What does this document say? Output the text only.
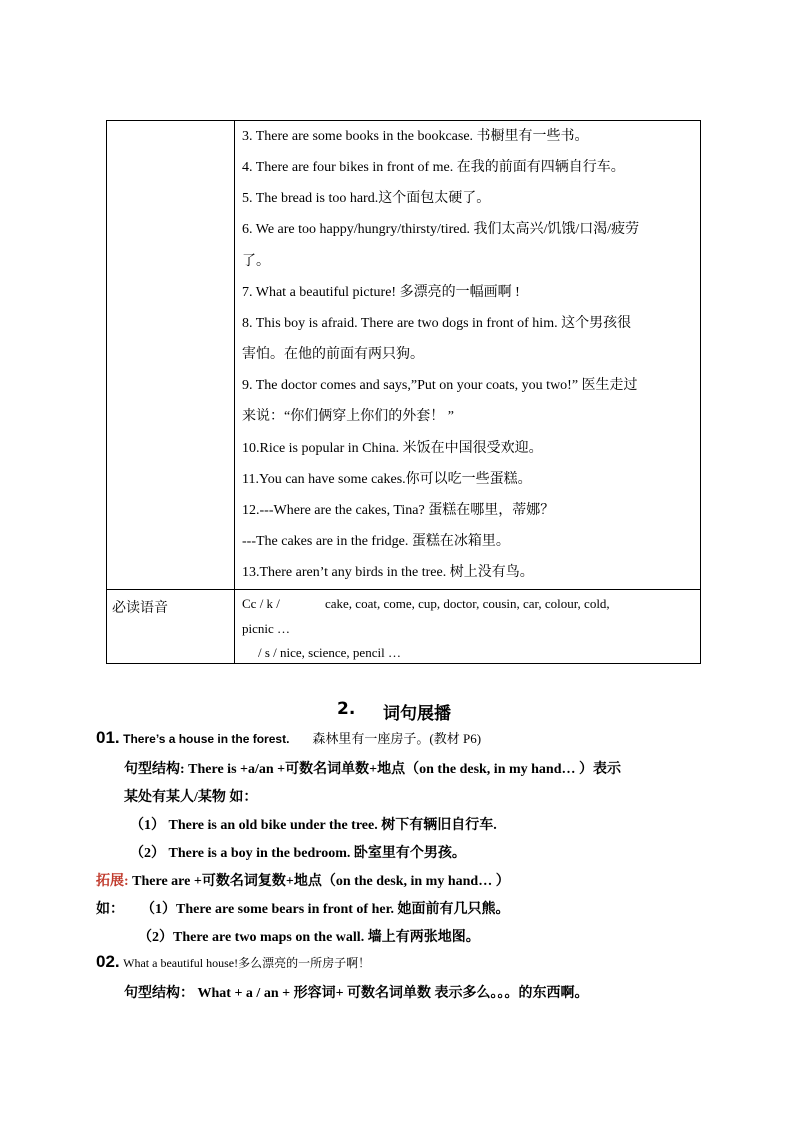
3. There are some books in the bookcase. 书橱里有一些书。
4. There are four bikes in front of me. 在我的前面有四辆自行车。
5. The bread is too hard.这个面包太硬了。
6. We are too happy/hungry/thirsty/tired. 我们太高兴/饥饿/口渴/疲劳
了。
7. What a beautiful picture! 多漂亮的一幅画啊 !
8. This boy is afraid. There are two dogs in front of him. 这个男孩很
害怕。在他的前面有两只狗。
9. The doctor comes and says,”Put on your coats, you two!” 医生走过
来说：“你们俩穿上你们的外套！ ”
10.Rice is popular in China. 米饭在中国很受欢迎。
11.You can have some cakes.你可以吃一些蛋糕。
12.---Where are the cakes, Tina? 蛋糕在哪里，蒂娜？
---The cakes are in the fridge. 蛋糕在冰箱里。
13.There aren’t any birds in the tree. 树上没有鸟。
必读语音	Cc / k /	cake, coat, come, cup, doctor, cousin, car, colour, cold,
picnic …
/ s / nice, science, pencil …
2. 词句展播
01. There’s a house in the forest. 森林里有一座房子。(教材 P6)
句型结构: There is +a/an +可数名词单数+地点（on the desk, in my hand… ）表示
某处有某人/某物 如：
（1） There is an old bike under the tree. 树下有辆旧自行车.
（2） There is a boy in the bedroom. 卧室里有个男孩。
拓展: There are +可数名词复数+地点（on the desk, in my hand… ）
如： （1）There are some bears in front of her. 她面前有几只熊。
（2）There are two maps on the wall. 墙上有两张地图。
02. What a beautiful house!多么漂亮的一所房子啊！
句型结构： What + a / an + 形容词+ 可数名词单数 表示多么。。。的东西啊。
